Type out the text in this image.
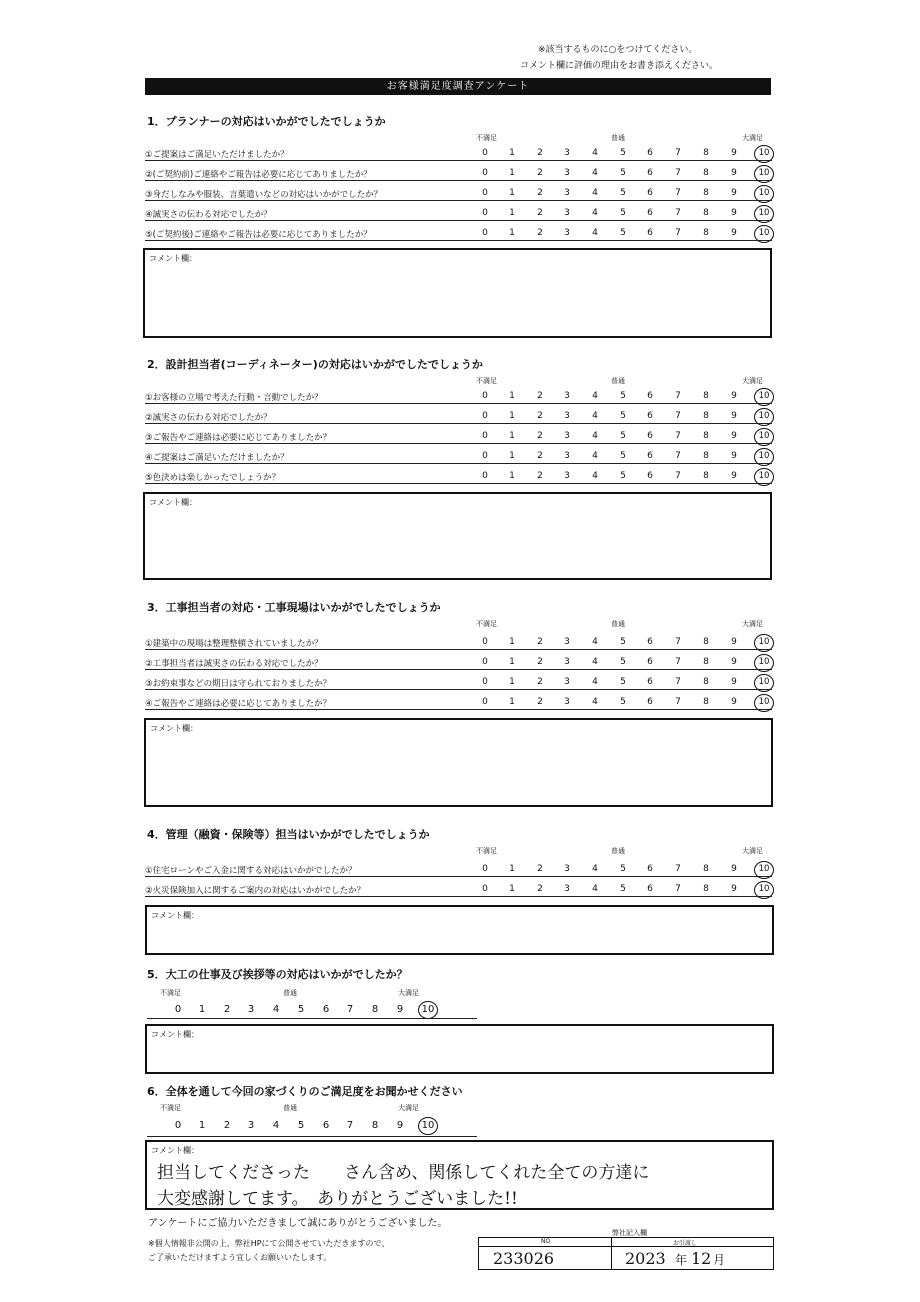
※該当するものに○をつけてください。
コメント欄に評価の理由をお書き添えください。
お客様満足度調査アンケート
1．プランナーの対応はいかがでしたでしょうか
不満足	普通	大満足
①ご提案はご満足いただけましたか？	0	1	2	3	4	5	6	7	8	9	10
②(ご契約前)ご連絡やご報告は必要に応じてありましたか？	0	1	2	3	4	5	6	7	8	9	10
③身だしなみや服装、言葉遣いなどの対応はいかがでしたか？	0	1	2	3	4	5	6	7	8	9	10
④誠実さの伝わる対応でしたか？	0	1	2	3	4	5	6	7	8	9	10
⑤(ご契約後)ご連絡やご報告は必要に応じてありましたか？	0	1	2	3	4	5	6	7	8	9	10
2．設計担当者(コーディネーター)の対応はいかがでしたでしょうか
不満足	普通	大満足
①お客様の立場で考えた行動・言動でしたか？	0	1	2	3	4	5	6	7	8	9	10
②誠実さの伝わる対応でしたか？	0	1	2	3	4	5	6	7	8	9	10
③ご報告やご連絡は必要に応じてありましたか？	0	1	2	3	4	5	6	7	8	9	10
④ご提案はご満足いただけましたか？	0	1	2	3	4	5	6	7	8	9	10
⑤色決めは楽しかったでしょうか？	0	1	2	3	4	5	6	7	8	9	10
3．工事担当者の対応・工事現場はいかがでしたでしょうか
不満足	普通	大満足
①建築中の現場は整理整頓されていましたか？	0	1	2	3	4	5	6	7	8	9	10
②工事担当者は誠実さの伝わる対応でしたか？	0	1	2	3	4	5	6	7	8	9	10
③お約束事などの期日は守られておりましたか？	0	1	2	3	4	5	6	7	8	9	10
④ご報告やご連絡は必要に応じてありましたか？	0	1	2	3	4	5	6	7	8	9	10
4．管理（融資・保険等）担当はいかがでしたでしょうか
不満足	普通	大満足
①住宅ローンやご入金に関する対応はいかがでしたか？	0	1	2	3	4	5	6	7	8	9	10
②火災保険加入に関するご案内の対応はいかがでしたか？	0	1	2	3	4	5	6	7	8	9	10
5．大工の仕事及び挨拶等の対応はいかがでしたか？
不満足	普通	大満足
0	1	2	3	4	5	6	7	8	9	10
6．全体を通して今回の家づくりのご満足度をお聞かせください
不満足	普通	大満足
0	1	2	3	4	5	6	7	8	9	10
コメント欄：
コメント欄：
コメント欄：
コメント欄：
コメント欄：
コメント欄：
担当してくださった　　さん含め、関係してくれた全ての方達に
大変感謝してます。　ありがとうございました!!
アンケートにご協力いただきまして誠にありがとうございました。
※個人情報非公開の上、弊社HPにて公開させていただきますので、
ご了承いただけますよう宜しくお願いいたします。
弊社記入欄
NO	お引渡し
233026	2023 年 12 月
